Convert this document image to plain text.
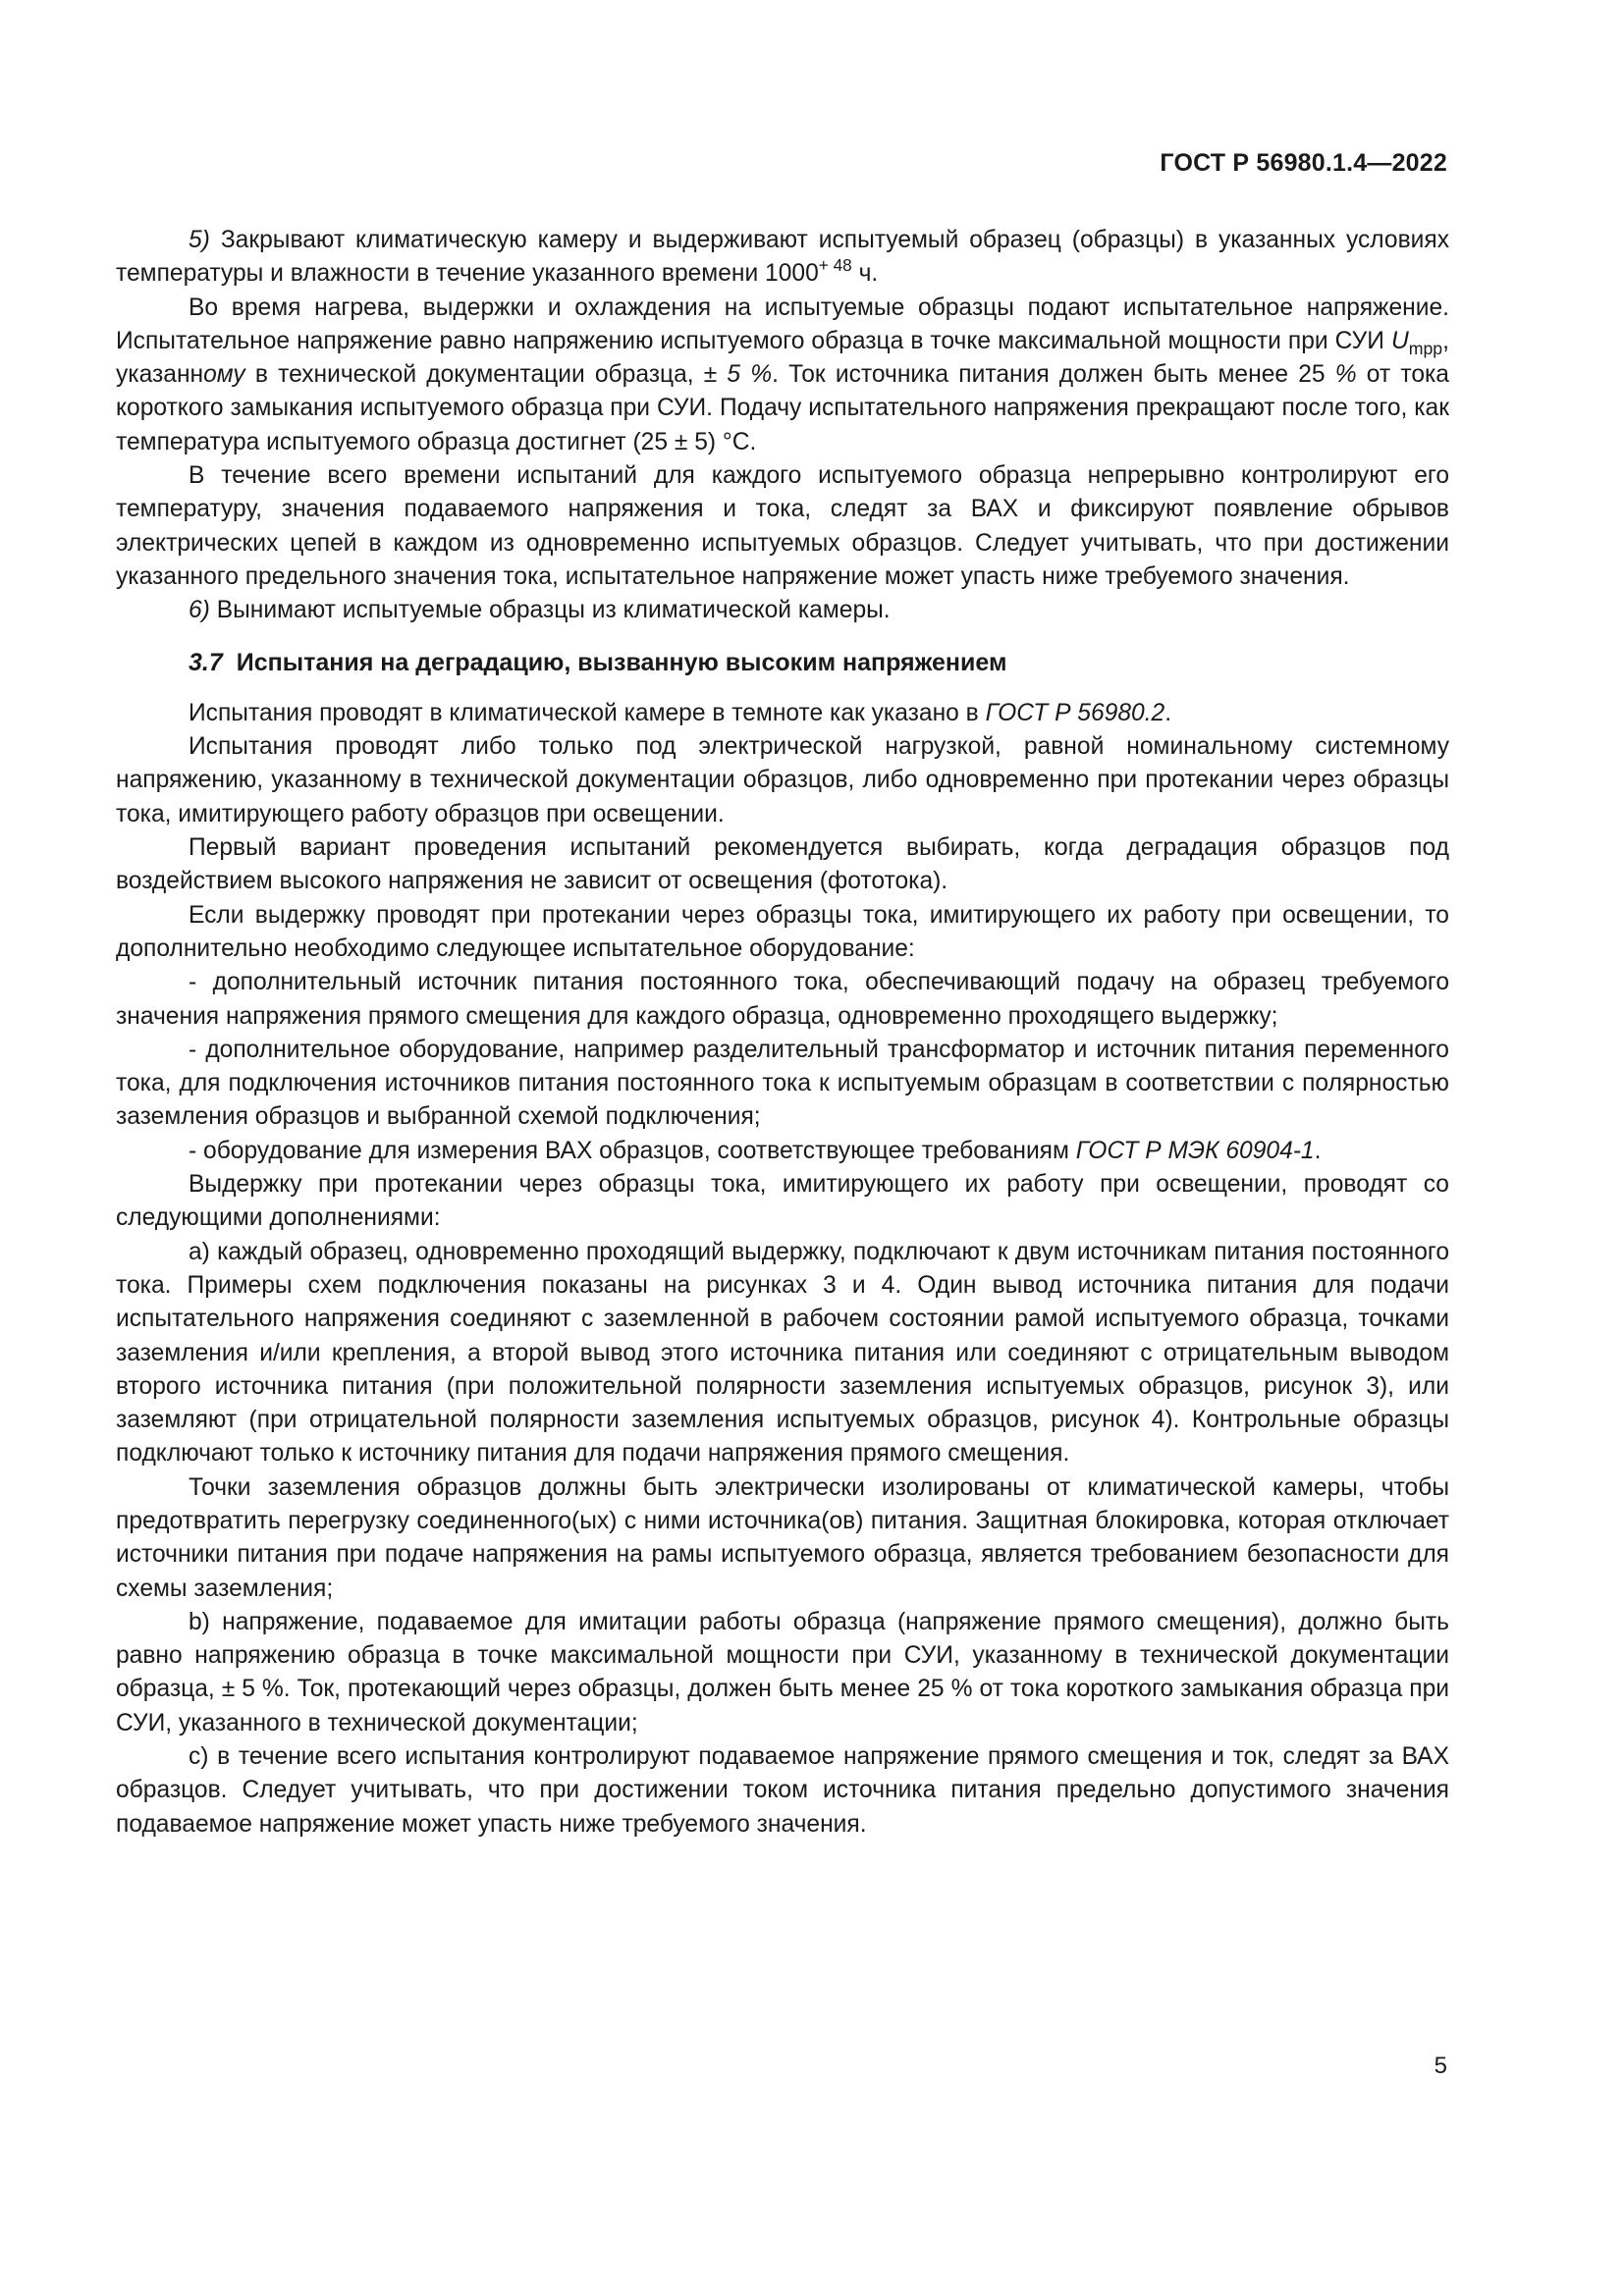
ГОСТ Р 56980.1.4—2022

5) Закрывают климатическую камеру и выдерживают испытуемый образец (образцы) в указанных условиях температуры и влажности в течение указанного времени $1000^{+ 48}$ ч.

Во время нагрева, выдержки и охлаждения на испытуемые образцы подают испытательное напряжение. Испытательное напряжение равно напряжению испытуемого образца в точке максимальной мощности при СУИ $U_{mpp}$, указанному в технической документации образца, ± 5 %. Ток источника питания должен быть менее 25 % от тока короткого замыкания испытуемого образца при СУИ. Подачу испытательного напряжения прекращают после того, как температура испытуемого образца достигнет (25 ± 5) °С.

В течение всего времени испытаний для каждого испытуемого образца непрерывно контролируют его температуру, значения подаваемого напряжения и тока, следят за ВАХ и фиксируют появление обрывов электрических цепей в каждом из одновременно испытуемых образцов. Следует учитывать, что при достижении указанного предельного значения тока, испытательное напряжение может упасть ниже требуемого значения.

6) Вынимают испытуемые образцы из климатической камеры.

3.7 Испытания на деградацию, вызванную высоким напряжением

Испытания проводят в климатической камере в темноте как указано в ГОСТ Р 56980.2.

Испытания проводят либо только под электрической нагрузкой, равной номинальному системному напряжению, указанному в технической документации образцов, либо одновременно при протекании через образцы тока, имитирующего работу образцов при освещении.

Первый вариант проведения испытаний рекомендуется выбирать, когда деградация образцов под воздействием высокого напряжения не зависит от освещения (фототока).

Если выдержку проводят при протекании через образцы тока, имитирующего их работу при освещении, то дополнительно необходимо следующее испытательное оборудование:

- дополнительный источник питания постоянного тока, обеспечивающий подачу на образец требуемого значения напряжения прямого смещения для каждого образца, одновременно проходящего выдержку;

- дополнительное оборудование, например разделительный трансформатор и источник питания переменного тока, для подключения источников питания постоянного тока к испытуемым образцам в соответствии с полярностью заземления образцов и выбранной схемой подключения;

- оборудование для измерения ВАХ образцов, соответствующее требованиям ГОСТ Р МЭК 60904-1.

Выдержку при протекании через образцы тока, имитирующего их работу при освещении, проводят со следующими дополнениями:

а) каждый образец, одновременно проходящий выдержку, подключают к двум источникам питания постоянного тока. Примеры схем подключения показаны на рисунках 3 и 4. Один вывод источника питания для подачи испытательного напряжения соединяют с заземленной в рабочем состоянии рамой испытуемого образца, точками заземления и/или крепления, а второй вывод этого источника питания или соединяют с отрицательным выводом второго источника питания (при положительной полярности заземления испытуемых образцов, рисунок 3), или заземляют (при отрицательной полярности заземления испытуемых образцов, рисунок 4). Контрольные образцы подключают только к источнику питания для подачи напряжения прямого смещения.

Точки заземления образцов должны быть электрически изолированы от климатической камеры, чтобы предотвратить перегрузку соединенного(ых) с ними источника(ов) питания. Защитная блокировка, которая отключает источники питания при подаче напряжения на рамы испытуемого образца, является требованием безопасности для схемы заземления;

b) напряжение, подаваемое для имитации работы образца (напряжение прямого смещения), должно быть равно напряжению образца в точке максимальной мощности при СУИ, указанному в технической документации образца, ± 5 %. Ток, протекающий через образцы, должен быть менее 25 % от тока короткого замыкания образца при СУИ, указанного в технической документации;

c) в течение всего испытания контролируют подаваемое напряжение прямого смещения и ток, следят за ВАХ образцов. Следует учитывать, что при достижении током источника питания предельно допустимого значения подаваемое напряжение может упасть ниже требуемого значения.

5
